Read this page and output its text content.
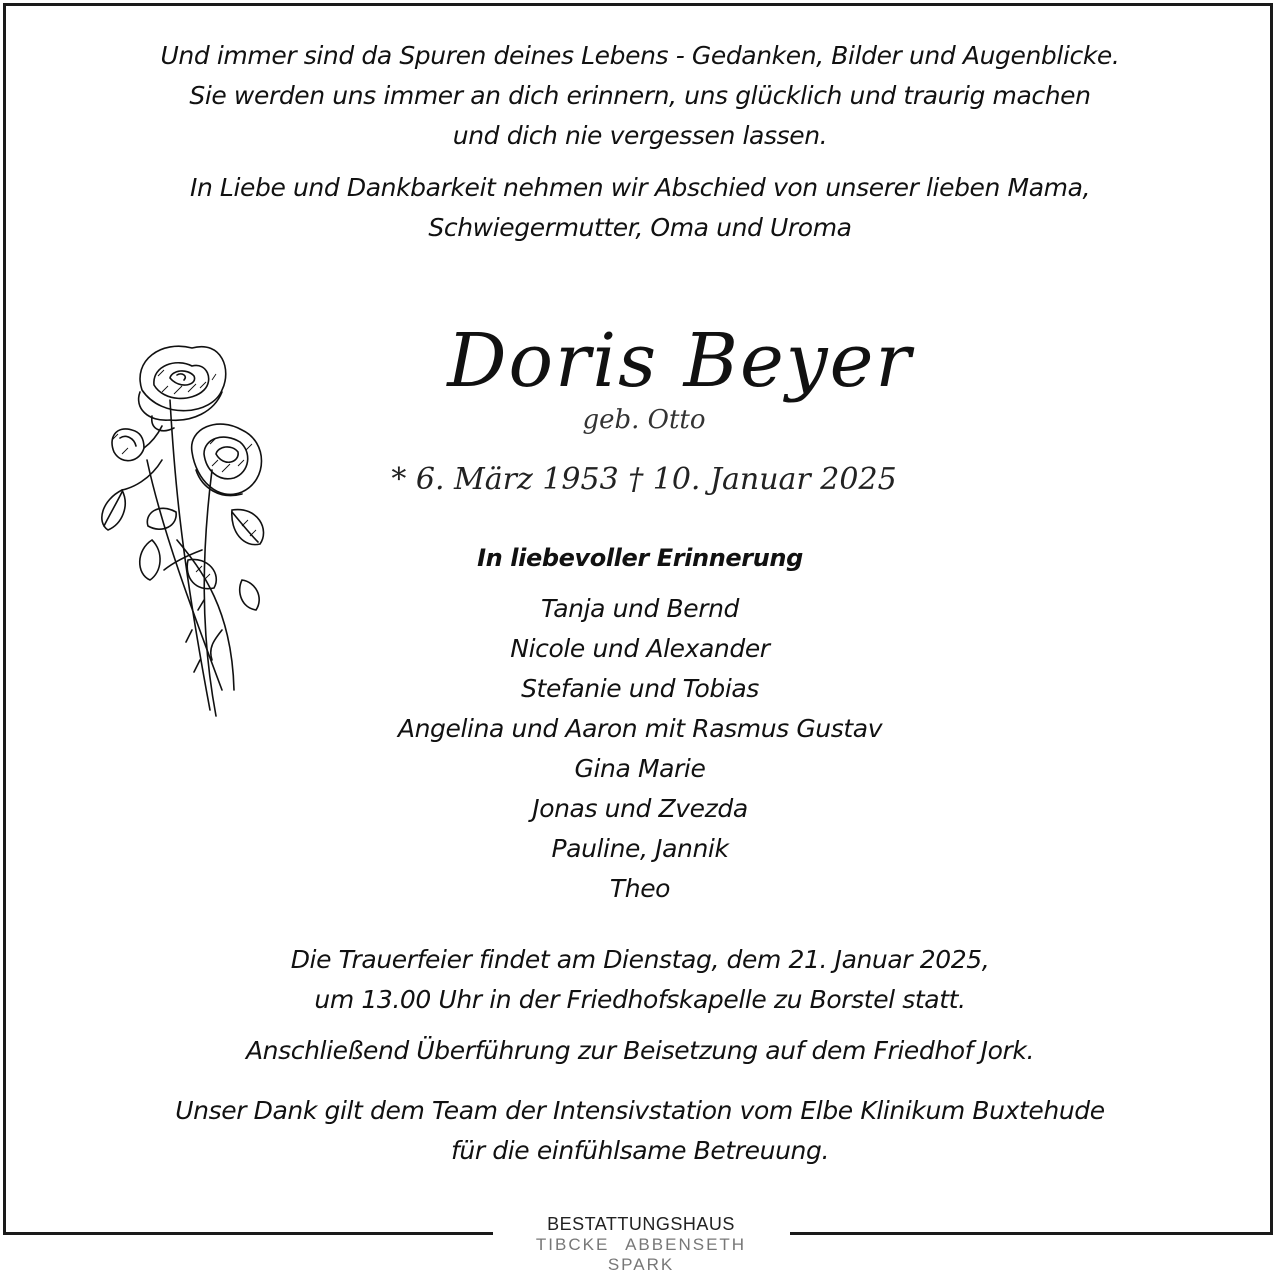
Und immer sind da Spuren deines Lebens - Gedanken, Bilder und Augenblicke.
Sie werden uns immer an dich erinnern, uns glücklich und traurig machen
und dich nie vergessen lassen.
In Liebe und Dankbarkeit nehmen wir Abschied von unserer lieben Mama,
Schwiegermutter, Oma und Uroma
Doris Beyer
geb. Otto
* 6. März 1953 † 10. Januar 2025
In liebevoller Erinnerung
Tanja und Bernd
Nicole und Alexander
Stefanie und Tobias
Angelina und Aaron mit Rasmus Gustav
Gina Marie
Jonas und Zvezda
Pauline, Jannik
Theo
Die Trauerfeier findet am Dienstag, dem 21. Januar 2025,
um 13.00 Uhr in der Friedhofskapelle zu Borstel statt.
Anschließend Überführung zur Beisetzung auf dem Friedhof Jork.
Unser Dank gilt dem Team der Intensivstation vom Elbe Klinikum Buxtehude
für die einfühlsame Betreuung.
BESTATTUNGSHAUS
TIBCKE ABBENSETH SPARK
